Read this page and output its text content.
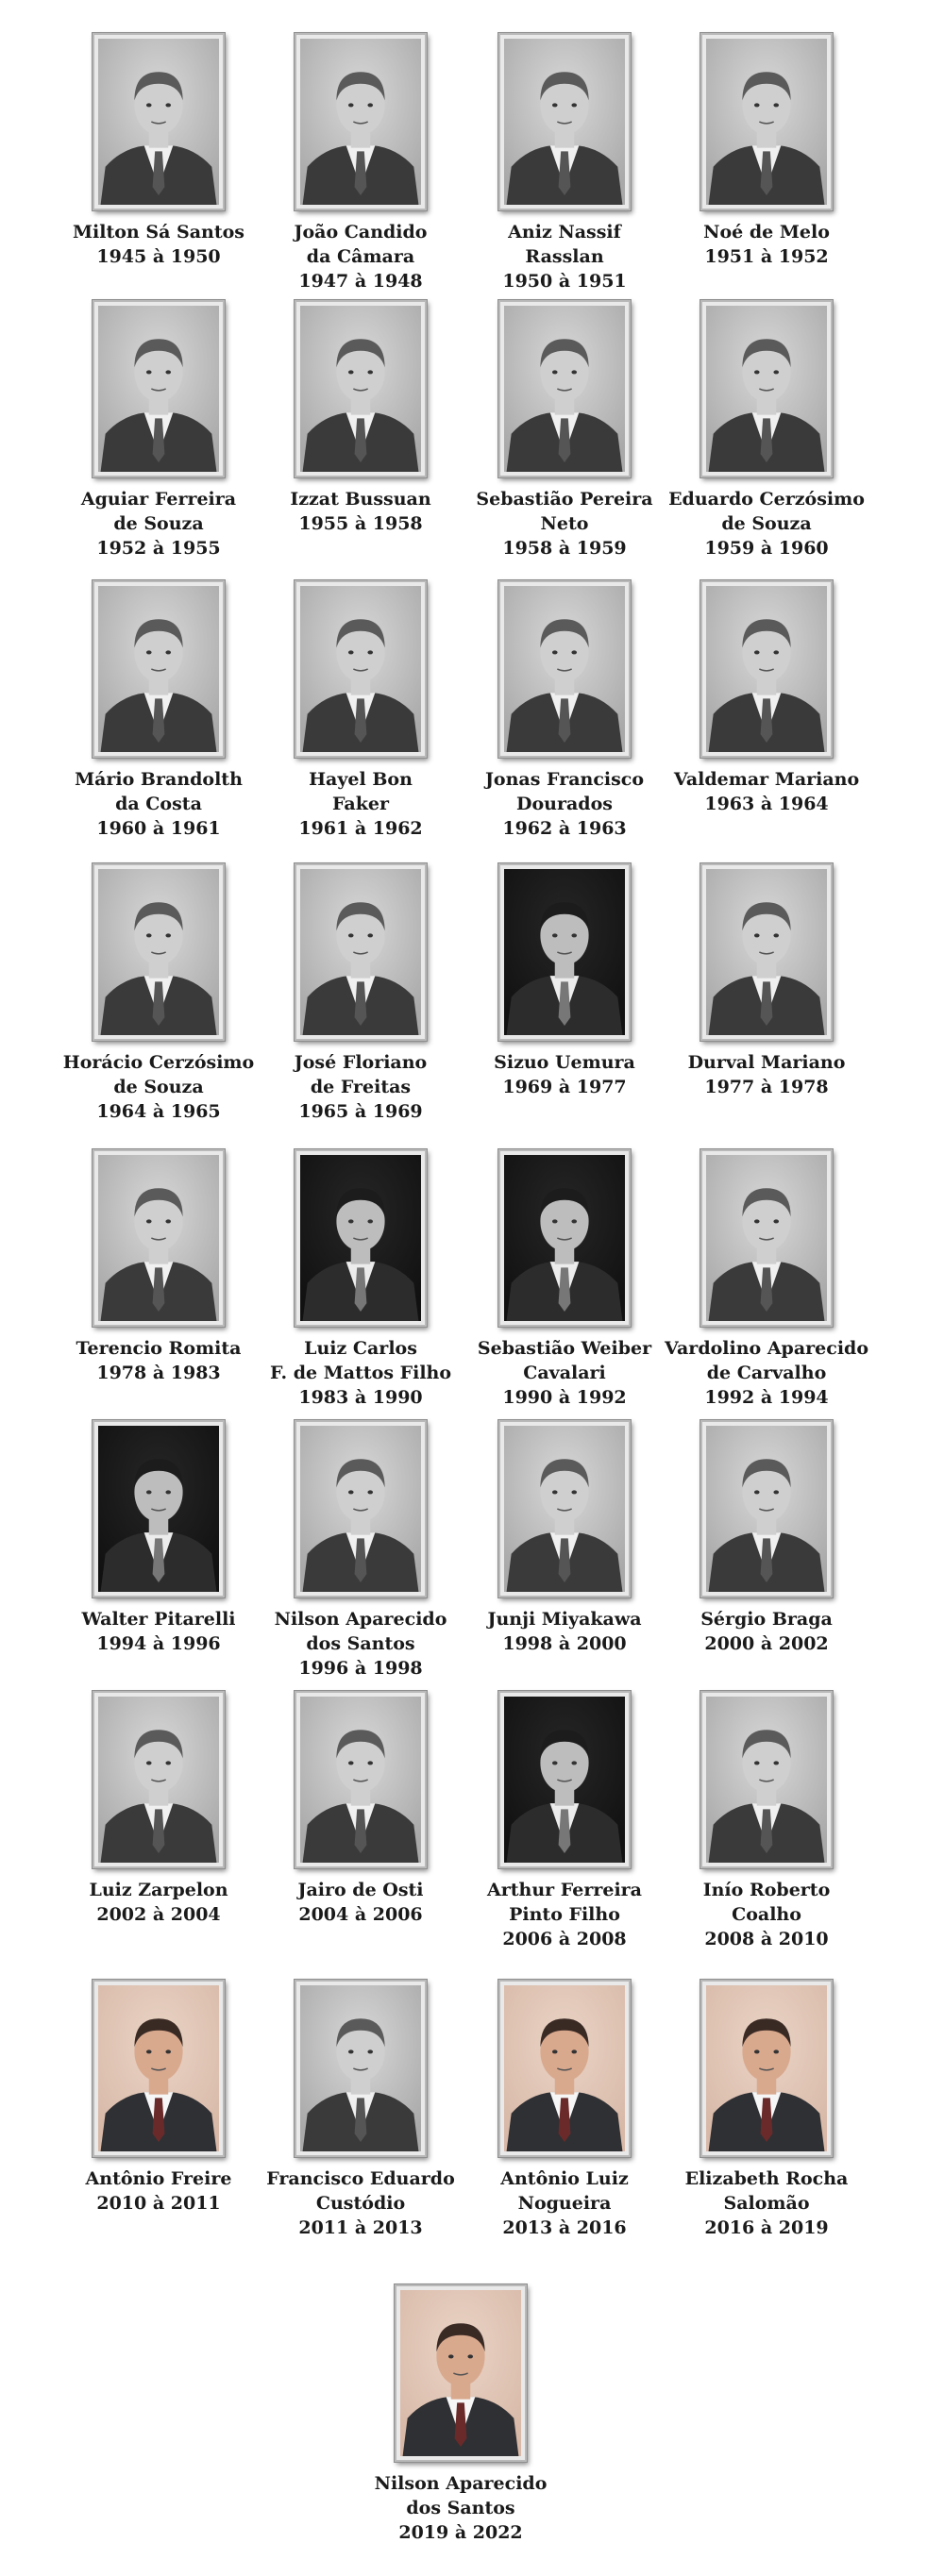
Milton Sá Santos
1945 à 1950
João Candido
da Câmara
1947 à 1948
Aniz Nassif
Rasslan
1950 à 1951
Noé de Melo
1951 à 1952
Aguiar Ferreira
de Souza
1952 à 1955
Izzat Bussuan
1955 à 1958
Sebastião Pereira
Neto
1958 à 1959
Eduardo Cerzósimo
de Souza
1959 à 1960
Mário Brandolth
da Costa
1960 à 1961
Hayel Bon
Faker
1961 à 1962
Jonas Francisco
Dourados
1962 à 1963
Valdemar Mariano
1963 à 1964
Horácio Cerzósimo
de Souza
1964 à 1965
José Floriano
de Freitas
1965 à 1969
Sizuo Uemura
1969 à 1977
Durval Mariano
1977 à 1978
Terencio Romita
1978 à 1983
Luiz Carlos
F. de Mattos Filho
1983 à 1990
Sebastião Weiber
Cavalari
1990 à 1992
Vardolino Aparecido
de Carvalho
1992 à 1994
Walter Pitarelli
1994 à 1996
Nilson Aparecido
dos Santos
1996 à 1998
Junji Miyakawa
1998 à 2000
Sérgio Braga
2000 à 2002
Luiz Zarpelon
2002 à 2004
Jairo de Osti
2004 à 2006
Arthur Ferreira
Pinto Filho
2006 à 2008
Inío Roberto
Coalho
2008 à 2010
Antônio Freire
2010 à 2011
Francisco Eduardo
Custódio
2011 à 2013
Antônio Luiz
Nogueira
2013 à 2016
Elizabeth Rocha
Salomão
2016 à 2019
Nilson Aparecido
dos Santos
2019 à 2022
